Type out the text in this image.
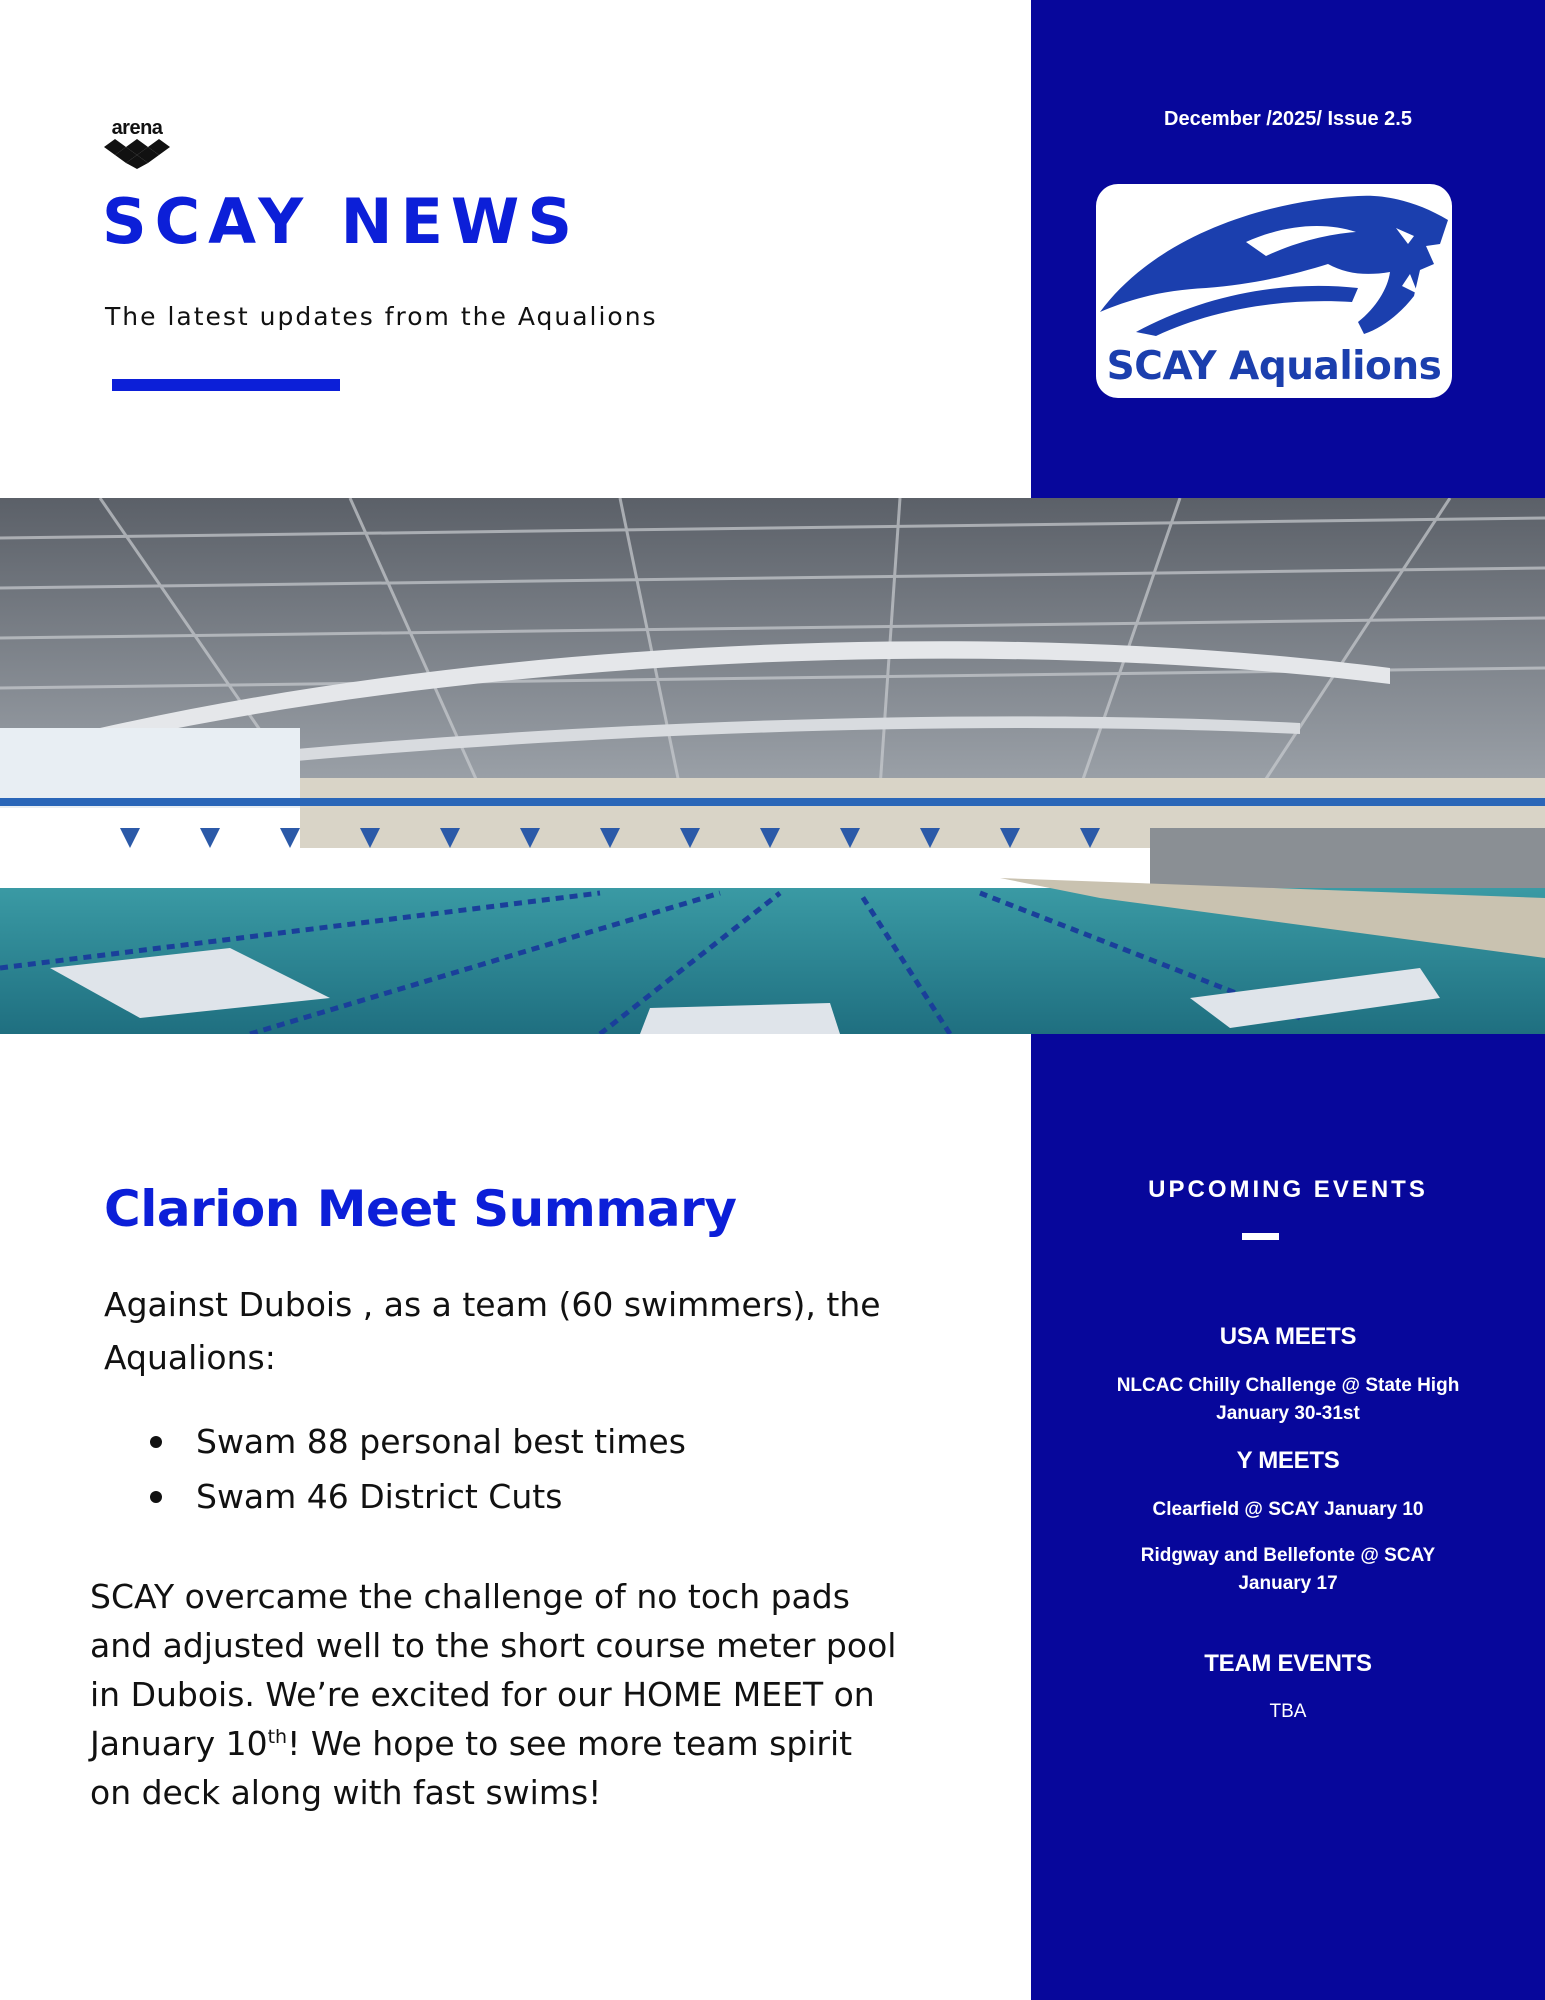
arena
SCAY NEWS
The latest updates from the Aqualions
December /2025/ Issue 2.5
SCAY Aqualions
Clarion Meet Summary

Against Dubois , as a team (60 swimmers), the
Aqualions:

Swam 88 personal best times
Swam 46 District Cuts

SCAY overcame the challenge of no toch pads
and adjusted well to the short course meter pool
in Dubois. We’re excited for our HOME MEET on
January 10th! We hope to see more team spirit
on deck along with fast swims!

UPCOMING EVENTS
USA MEETS
NLCAC Chilly Challenge @ State High
January 30-31st
Y MEETS
Clearfield @ SCAY January 10
Ridgway and Bellefonte @ SCAY
January 17
TEAM EVENTS
TBA
